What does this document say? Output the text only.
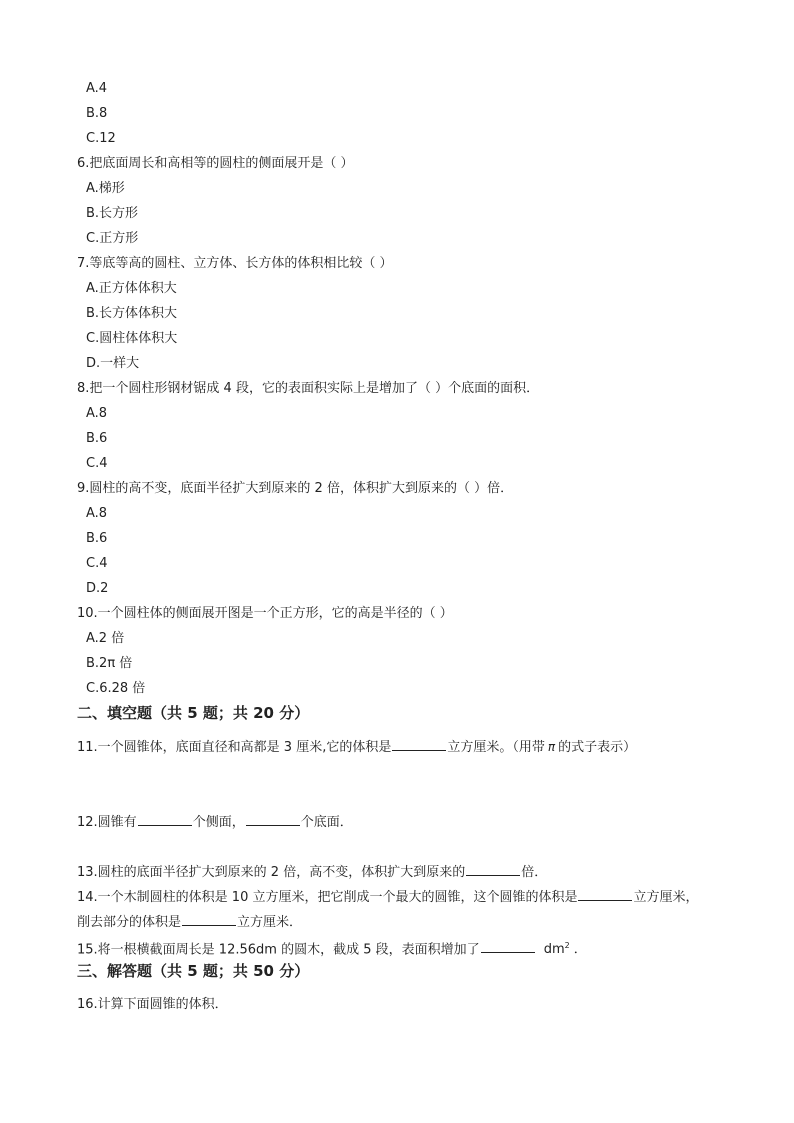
A.4
B.8
C.12
6.把底面周长和高相等的圆柱的侧面展开是（ ）
A.梯形
B.长方形
C.正方形
7.等底等高的圆柱、立方体、长方体的体积相比较（ ）
A.正方体体积大
B.长方体体积大
C.圆柱体体积大
D.一样大
8.把一个圆柱形钢材锯成 4 段，它的表面积实际上是增加了（ ）个底面的面积．
A.8
B.6
C.4
9.圆柱的高不变，底面半径扩大到原来的 2 倍，体积扩大到原来的（ ）倍．
A.8
B.6
C.4
D.2
10.一个圆柱体的侧面展开图是一个正方形，它的高是半径的（ ）
A.2 倍
B.2π 倍
C.6.28 倍
二、填空题（共 5 题；共 20 分）
11.一个圆锥体，底面直径和高都是 3 厘米,它的体积是	立方厘米。（用带 π 的式子表示）
12.圆锥有	个侧面，	个底面．
13.圆柱的底面半径扩大到原来的 2 倍，高不变，体积扩大到原来的	倍．
14.一个木制圆柱的体积是 10 立方厘米，把它削成一个最大的圆锥，这个圆锥的体积是	立方厘米，
削去部分的体积是	立方厘米．
15.将一根横截面周长是 12.56dm 的圆木，截成 5 段，表面积增加了	$dm^2$ ．
三、解答题（共 5 题；共 50 分）
16.计算下面圆锥的体积．
